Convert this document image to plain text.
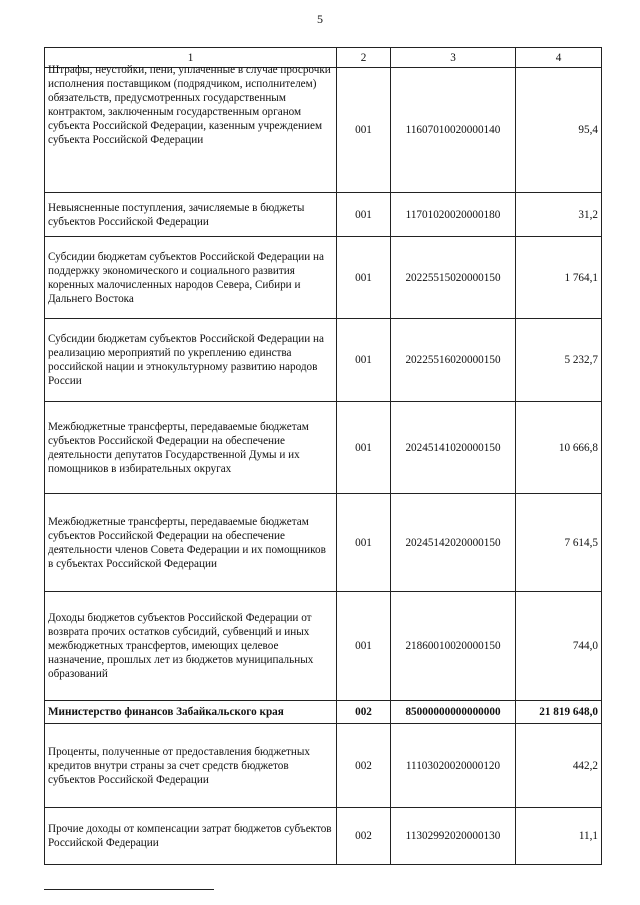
5
1	2	3	4

Штрафы, неустойки, пени, уплаченные в случае просрочки исполнения поставщиком (подрядчиком, исполнителем) обязательств, предусмотренных государственным контрактом, заключенным государственным органом субъекта Российской Федерации, казенным учреждением субъекта Российской Федерации	001	11607010020000140	95,4
Невыясненные поступления, зачисляемые в бюджеты субъектов Российской Федерации	001	11701020020000180	31,2
Субсидии бюджетам субъектов Российской Федерации на поддержку экономического и социального развития коренных малочисленных народов Севера, Сибири и Дальнего Востока	001	20225515020000150	1 764,1
Субсидии бюджетам субъектов Российской Федерации на реализацию мероприятий по укреплению единства российской нации и этнокультурному развитию народов России	001	20225516020000150	5 232,7
Межбюджетные трансферты, передаваемые бюджетам субъектов Российской Федерации на обеспечение деятельности депутатов Государственной Думы и их помощников в избирательных округах	001	20245141020000150	10 666,8
Межбюджетные трансферты, передаваемые бюджетам субъектов Российской Федерации на обеспечение деятельности членов Совета Федерации и их помощников в субъектах Российской Федерации	001	20245142020000150	7 614,5
Доходы бюджетов субъектов Российской Федерации от возврата прочих остатков субсидий, субвенций и иных межбюджетных трансфертов, имеющих целевое назначение, прошлых лет из бюджетов муниципальных образований	001	21860010020000150	744,0
Министерство финансов Забайкальского края	002	85000000000000000	21 819 648,0
Проценты, полученные от предоставления бюджетных кредитов внутри страны за счет средств бюджетов субъектов Российской Федерации	002	11103020020000120	442,2
Прочие доходы от компенсации затрат бюджетов субъектов Российской Федерации	002	11302992020000130	11,1
